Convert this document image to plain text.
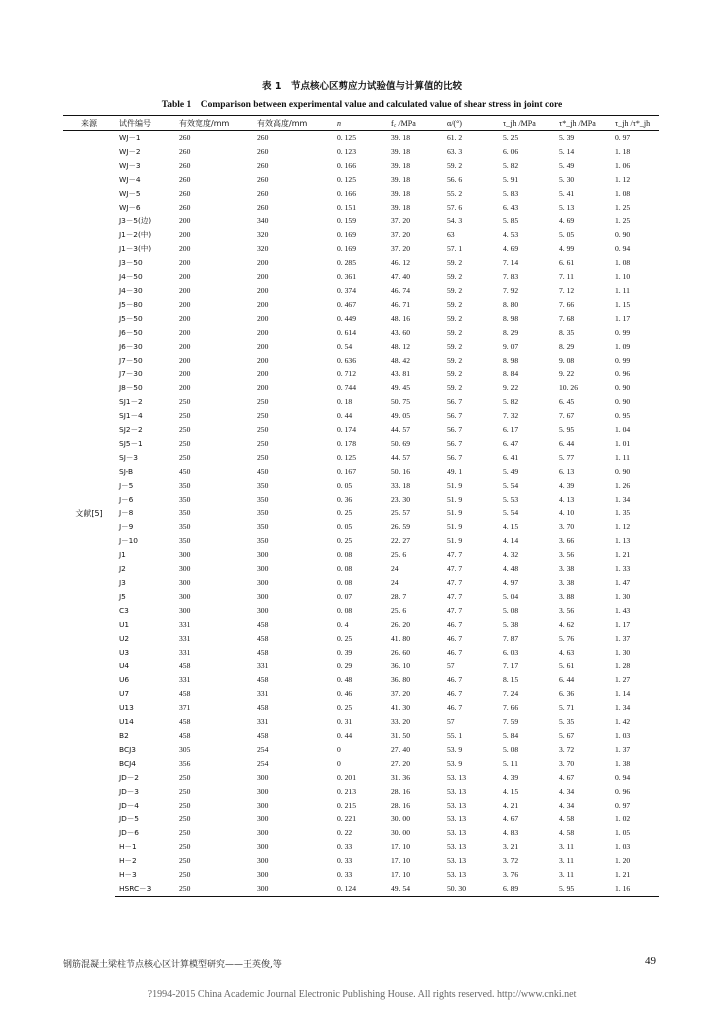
表 1　节点核心区剪应力试验值与计算值的比较
Table 1　Comparison between experimental value and calculated value of shear stress in joint core
来源	试件编号	有效宽度/mm	有效高度/mm	n	f꜀ /MPa	α/(°)	τ_jh /MPa	τ*_jh /MPa	τ_jh /τ*_jh
文献[5]	WJ－1	260	260	0. 125	39. 18	61. 2	5. 25	5. 39	0. 97
	WJ－2	260	260	0. 123	39. 18	63. 3	6. 06	5. 14	1. 18
	WJ－3	260	260	0. 166	39. 18	59. 2	5. 82	5. 49	1. 06
	WJ－4	260	260	0. 125	39. 18	56. 6	5. 91	5. 30	1. 12
	WJ－5	260	260	0. 166	39. 18	55. 2	5. 83	5. 41	1. 08
	WJ－6	260	260	0. 151	39. 18	57. 6	6. 43	5. 13	1. 25
	J3－5(边)	200	340	0. 159	37. 20	54. 3	5. 85	4. 69	1. 25
	J1－2(中)	200	320	0. 169	37. 20	63	4. 53	5. 05	0. 90
	J1－3(中)	200	320	0. 169	37. 20	57. 1	4. 69	4. 99	0. 94
	J3－50	200	200	0. 285	46. 12	59. 2	7. 14	6. 61	1. 08
	J4－50	200	200	0. 361	47. 40	59. 2	7. 83	7. 11	1. 10
	J4－30	200	200	0. 374	46. 74	59. 2	7. 92	7. 12	1. 11
	J5－80	200	200	0. 467	46. 71	59. 2	8. 80	7. 66	1. 15
	J5－50	200	200	0. 449	48. 16	59. 2	8. 98	7. 68	1. 17
	J6－50	200	200	0. 614	43. 60	59. 2	8. 29	8. 35	0. 99
	J6－30	200	200	0. 54	48. 12	59. 2	9. 07	8. 29	1. 09
	J7－50	200	200	0. 636	48. 42	59. 2	8. 98	9. 08	0. 99
	J7－30	200	200	0. 712	43. 81	59. 2	8. 84	9. 22	0. 96
	J8－50	200	200	0. 744	49. 45	59. 2	9. 22	10. 26	0. 90
	SJ1－2	250	250	0. 18	50. 75	56. 7	5. 82	6. 45	0. 90
	SJ1－4	250	250	0. 44	49. 05	56. 7	7. 32	7. 67	0. 95
	SJ2－2	250	250	0. 174	44. 57	56. 7	6. 17	5. 95	1. 04
	SJ5－1	250	250	0. 178	50. 69	56. 7	6. 47	6. 44	1. 01
	SJ－3	250	250	0. 125	44. 57	56. 7	6. 41	5. 77	1. 11
	SJ-B	450	450	0. 167	50. 16	49. 1	5. 49	6. 13	0. 90
	J－5	350	350	0. 05	33. 18	51. 9	5. 54	4. 39	1. 26
	J－6	350	350	0. 36	23. 30	51. 9	5. 53	4. 13	1. 34
	J－8	350	350	0. 25	25. 57	51. 9	5. 54	4. 10	1. 35
	J－9	350	350	0. 05	26. 59	51. 9	4. 15	3. 70	1. 12
	J－10	350	350	0. 25	22. 27	51. 9	4. 14	3. 66	1. 13
	J1	300	300	0. 08	25. 6	47. 7	4. 32	3. 56	1. 21
	J2	300	300	0. 08	24	47. 7	4. 48	3. 38	1. 33
	J3	300	300	0. 08	24	47. 7	4. 97	3. 38	1. 47
	J5	300	300	0. 07	28. 7	47. 7	5. 04	3. 88	1. 30
	C3	300	300	0. 08	25. 6	47. 7	5. 08	3. 56	1. 43
	U1	331	458	0. 4	26. 20	46. 7	5. 38	4. 62	1. 17
	U2	331	458	0. 25	41. 80	46. 7	7. 87	5. 76	1. 37
	U3	331	458	0. 39	26. 60	46. 7	6. 03	4. 63	1. 30
	U4	458	331	0. 29	36. 10	57	7. 17	5. 61	1. 28
	U6	331	458	0. 48	36. 80	46. 7	8. 15	6. 44	1. 27
	U7	458	331	0. 46	37. 20	46. 7	7. 24	6. 36	1. 14
	U13	371	458	0. 25	41. 30	46. 7	7. 66	5. 71	1. 34
	U14	458	331	0. 31	33. 20	57	7. 59	5. 35	1. 42
	B2	458	458	0. 44	31. 50	55. 1	5. 84	5. 67	1. 03
	BCJ3	305	254	0	27. 40	53. 9	5. 08	3. 72	1. 37
	BCJ4	356	254	0	27. 20	53. 9	5. 11	3. 70	1. 38
	JD－2	250	300	0. 201	31. 36	53. 13	4. 39	4. 67	0. 94
	JD－3	250	300	0. 213	28. 16	53. 13	4. 15	4. 34	0. 96
	JD－4	250	300	0. 215	28. 16	53. 13	4. 21	4. 34	0. 97
	JD－5	250	300	0. 221	30. 00	53. 13	4. 67	4. 58	1. 02
	JD－6	250	300	0. 22	30. 00	53. 13	4. 83	4. 58	1. 05
	H－1	250	300	0. 33	17. 10	53. 13	3. 21	3. 11	1. 03
	H－2	250	300	0. 33	17. 10	53. 13	3. 72	3. 11	1. 20
	H－3	250	300	0. 33	17. 10	53. 13	3. 76	3. 11	1. 21
	HSRC－3	250	300	0. 124	49. 54	50. 30	6. 89	5. 95	1. 16
钢筋混凝土梁柱节点核心区计算模型研究——王英俊,等	49
?1994-2015 China Academic Journal Electronic Publishing House. All rights reserved. http://www.cnki.net
